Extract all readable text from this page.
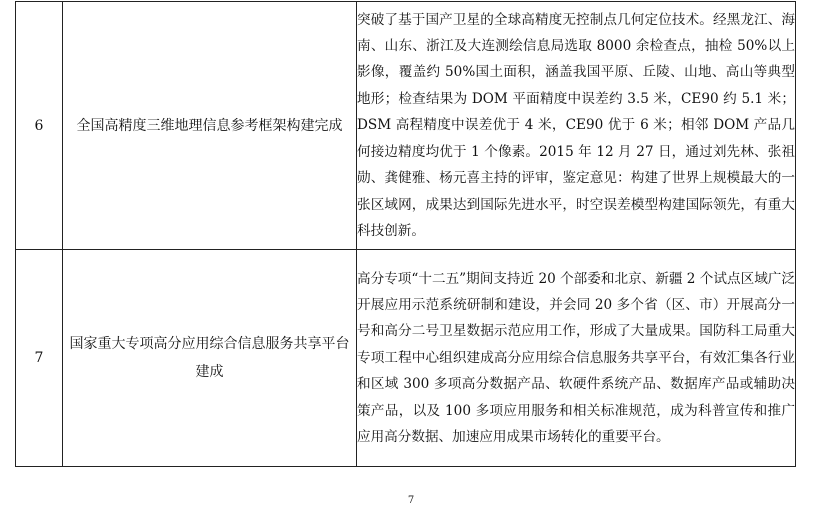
6	全国高精度三维地理信息参考框架构建完成	突破了基于国产卫星的全球高精度无控制点几何定位技术。经黑龙江、海南、山东、浙江及大连测绘信息局选取 8000 余检查点，抽检 50%以上影像，覆盖约 50%国土面积，涵盖我国平原、丘陵、山地、高山等典型地形；检查结果为 DOM 平面精度中误差约 3.5 米，CE90 约 5.1 米；DSM 高程精度中误差优于 4 米，CE90 优于 6 米；相邻 DOM 产品几何接边精度均优于 1 个像素。2015 年 12 月 27 日，通过刘先林、张祖勋、龚健雅、杨元喜主持的评审，鉴定意见：构建了世界上规模最大的一张区域网，成果达到国际先进水平，时空误差模型构建国际领先，有重大科技创新。
7	国家重大专项高分应用综合信息服务共享平台建成	高分专项“十二五”期间支持近 20 个部委和北京、新疆 2 个试点区域广泛开展应用示范系统研制和建设，并会同 20 多个省（区、市）开展高分一号和高分二号卫星数据示范应用工作，形成了大量成果。国防科工局重大专项工程中心组织建成高分应用综合信息服务共享平台，有效汇集各行业和区域 300 多项高分数据产品、软硬件系统产品、数据库产品或辅助决策产品，以及 100 多项应用服务和相关标准规范，成为科普宣传和推广应用高分数据、加速应用成果市场转化的重要平台。
7
